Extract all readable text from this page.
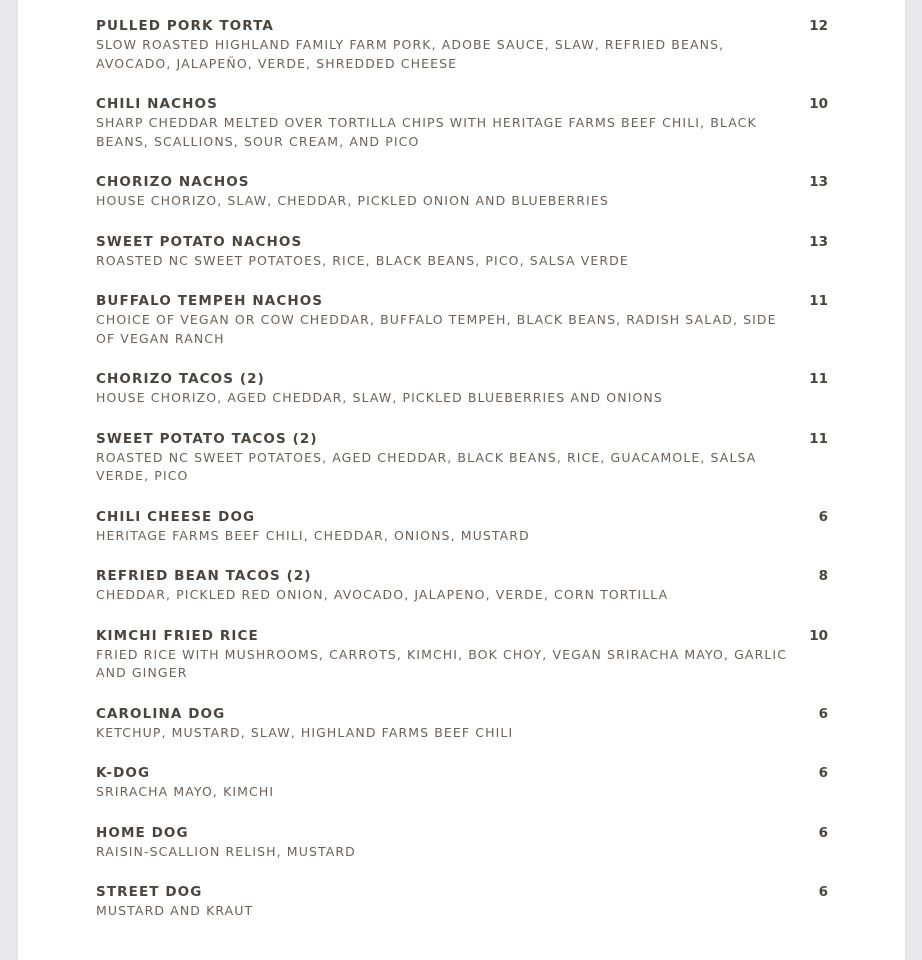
PULLED PORK TORTA	12
SLOW ROASTED HIGHLAND FAMILY FARM PORK, ADOBE SAUCE, SLAW, REFRIED BEANS, AVOCADO, JALAPEÑO, VERDE, SHREDDED CHEESE
CHILI NACHOS	10
SHARP CHEDDAR MELTED OVER TORTILLA CHIPS WITH HERITAGE FARMS BEEF CHILI, BLACK BEANS, SCALLIONS, SOUR CREAM, AND PICO
CHORIZO NACHOS	13
HOUSE CHORIZO, SLAW, CHEDDAR, PICKLED ONION AND BLUEBERRIES
SWEET POTATO NACHOS	13
ROASTED NC SWEET POTATOES, RICE, BLACK BEANS, PICO, SALSA VERDE
BUFFALO TEMPEH NACHOS	11
CHOICE OF VEGAN OR COW CHEDDAR, BUFFALO TEMPEH, BLACK BEANS, RADISH SALAD, SIDE OF VEGAN RANCH
CHORIZO TACOS (2)	11
HOUSE CHORIZO, AGED CHEDDAR, SLAW, PICKLED BLUEBERRIES AND ONIONS
SWEET POTATO TACOS (2)	11
ROASTED NC SWEET POTATOES, AGED CHEDDAR, BLACK BEANS, RICE, GUACAMOLE, SALSA VERDE, PICO
CHILI CHEESE DOG	6
HERITAGE FARMS BEEF CHILI, CHEDDAR, ONIONS, MUSTARD
REFRIED BEAN TACOS (2)	8
CHEDDAR, PICKLED RED ONION, AVOCADO, JALAPENO, VERDE, CORN TORTILLA
KIMCHI FRIED RICE	10
FRIED RICE WITH MUSHROOMS, CARROTS, KIMCHI, BOK CHOY, VEGAN SRIRACHA MAYO, GARLIC AND GINGER
CAROLINA DOG	6
KETCHUP, MUSTARD, SLAW, HIGHLAND FARMS BEEF CHILI
K-DOG	6
SRIRACHA MAYO, KIMCHI
HOME DOG	6
RAISIN-SCALLION RELISH, MUSTARD
STREET DOG	6
MUSTARD AND KRAUT
